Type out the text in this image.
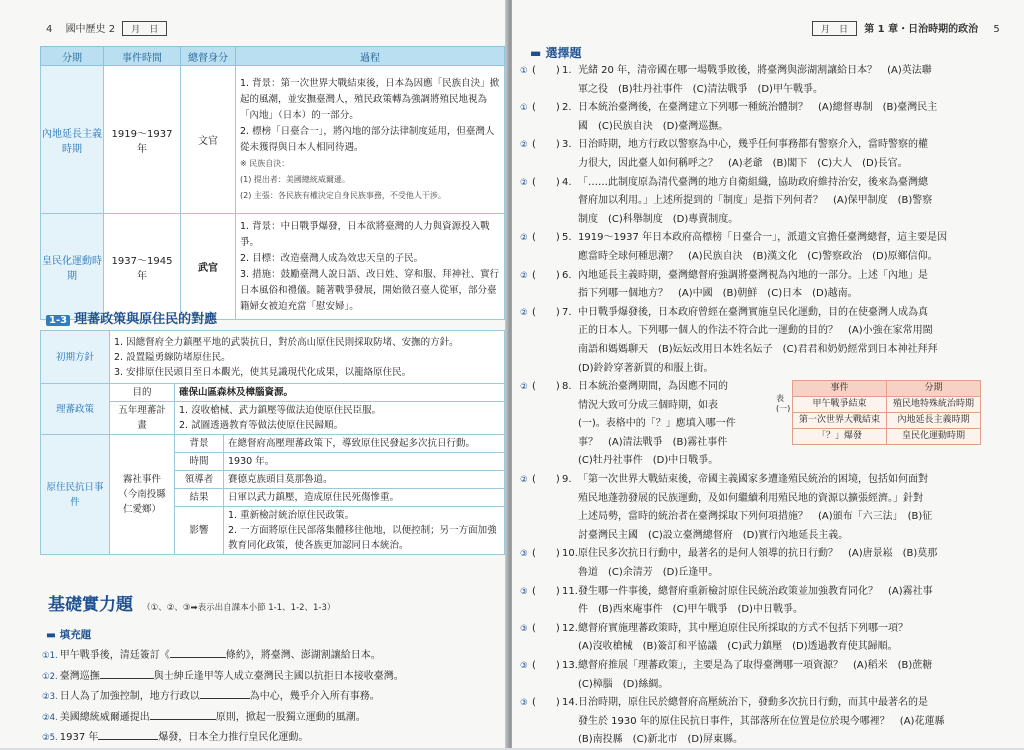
4 國中歷史 2 月　日
分期	事件時間	總督身分	過程
內地延長主義時期	1919～1937 年	文官	1. 背景：第一次世界大戰結束後，日本為因應「民族自決」掀起的風潮，並安撫臺灣人，殖民政策轉為強調將殖民地視為「內地」（日本）的一部分。
2. 標榜「日臺合一」，將內地的部分法律制度延用，但臺灣人從未獲得與日本人相同待遇。
※ 民族自決：
(1) 提出者：美國總統威爾遜。
(2) 主張：各民族有權決定自身民族事務，不受他人干涉。

皇民化運動時期	1937～1945 年	武官	1. 背景：中日戰爭爆發，日本欲將臺灣的人力與資源投入戰爭。
2. 目標：改造臺灣人成為效忠天皇的子民。
3. 措施：鼓勵臺灣人說日語、改日姓、穿和服、拜神社、實行日本風俗和禮儀。隨著戰爭發展，開始徵召臺人從軍，部分臺籍婦女被迫充當「慰安婦」。
1-3 理蕃政策與原住民的對應
初期方針	1. 因總督府全力鎮壓平地的武裝抗日，對於高山原住民則採取防堵、安撫的方針。
2. 設置隘勇線防堵原住民。
3. 安排原住民頭目至日本觀光，使其見識現代化成果，以籠絡原住民。		

理蕃政策	目的	確保山區森林及樟腦資源。	
	五年理蕃計畫	1. 沒收槍械、武力鎮壓等做法迫使原住民臣服。
2. 試圖透過教育等做法使原住民歸順。	

原住民抗日事件	霧社事件（今南投縣仁愛鄉）	背景	在總督府高壓理蕃政策下，導致原住民發起多次抗日行動。
		時間	1930 年。
		領導者	賽德克族頭目莫那魯道。
		結果	日軍以武力鎮壓，造成原住民死傷慘重。
		影響	1. 重新檢討統治原住民政策。
2. 一方面將原住民部落集體移往他地，以便控制；另一方面加強教育同化政策，使各族更加認同日本統治。
基礎實力題 （①、②、③➡表示出自課本小節 1-1、1-2、1-3）
▬ 填充題
①1. 甲午戰爭後，清廷簽訂《	條約》，將臺灣、澎湖割讓給日本。
①2. 臺灣巡撫	與士紳丘逢甲等人成立臺灣民主國以抗拒日本接收臺灣。
②3. 日人為了加強控制，地方行政以	為中心，幾乎介入所有事務。
②4. 美國總統威爾遜提出	原則，掀起一股獨立運動的風潮。
②5. 1937 年	爆發，日本全力推行皇民化運動。
月　日 第 1 章・日治時期的政治 5
▬ 選擇題
① (　　) 1. 光緒 20 年，清帝國在哪一場戰爭敗後，將臺灣與澎湖割讓給日本？　(A)英法聯
軍之役　(B)牡丹社事件　(C)清法戰爭　(D)甲午戰爭。
① (　　) 2. 日本統治臺灣後，在臺灣建立下列哪一種統治體制？　(A)總督專制　(B)臺灣民主
國　(C)民族自決　(D)臺灣巡撫。
② (　　) 3. 日治時期，地方行政以警察為中心，幾乎任何事務都有警察介入，當時警察的權
力很大，因此臺人如何稱呼之？　(A)老爺　(B)閣下　(C)大人　(D)長官。
② (　　) 4. 「……此制度原為清代臺灣的地方自衛組織，協助政府維持治安，後來為臺灣總
督府加以利用。」上述所提到的「制度」是指下列何者？　(A)保甲制度　(B)警察
制度　(C)科舉制度　(D)專賣制度。
② (　　) 5. 1919～1937 年日本政府高標榜「日臺合一」，派遣文官擔任臺灣總督，這主要是因
應當時全球何種思潮？　(A)民族自決　(B)漢文化　(C)警察政治　(D)原鄉信仰。
② (　　) 6. 內地延長主義時期，臺灣總督府強調將臺灣視為內地的一部分。上述「內地」是
指下列哪一個地方？　(A)中國　(B)朝鮮　(C)日本　(D)越南。
② (　　) 7. 中日戰爭爆發後，日本政府曾經在臺灣實施皇民化運動，目的在使臺灣人成為真
正的日本人。下列哪一個人的作法不符合此一運動的目的？　(A)小強在家常用閩
南語和媽媽聊天　(B)妘妘改用日本姓名妘子　(C)君君和奶奶經常到日本神社拜拜
(D)鈴鈴穿著新買的和服上街。
② (　　) 8. 日本統治臺灣期間，為因應不同的
情況大致可分成三個時期，如表
(一)。表格中的「？」應填入哪一件
事？　(A)清法戰爭　(B)霧社事件
(C)牡丹社事件　(D)中日戰爭。
表(一)
事件	分期
甲午戰爭結束	殖民地特殊統治時期
第一次世界大戰結束	內地延長主義時期
「？」爆發	皇民化運動時期
② (　　) 9. 「第一次世界大戰結束後，帝國主義國家多遭逢殖民統治的困境，包括如何面對
殖民地蓬勃發展的民族運動，及如何繼續利用殖民地的資源以擴張經濟。」針對
上述局勢，當時的統治者在臺灣採取下列何項措施？　(A)頒布「六三法」　(B)征
討臺灣民主國　(C)設立臺灣總督府　(D)實行內地延長主義。
③ (　　) 10. 原住民多次抗日行動中，最著名的是何人領導的抗日行動？　(A)唐景崧　(B)莫那
魯道　(C)余清芳　(D)丘逢甲。
③ (　　) 11. 發生哪一件事後，總督府重新檢討原住民統治政策並加強教育同化？　(A)霧社事
件　(B)西來庵事件　(C)甲午戰爭　(D)中日戰爭。
③ (　　) 12. 總督府實施理蕃政策時，其中壓迫原住民所採取的方式不包括下列哪一項？
(A)沒收槍械　(B)簽訂和平協議　(C)武力鎮壓　(D)透過教育使其歸順。
③ (　　) 13. 總督府推展「理蕃政策」，主要是為了取得臺灣哪一項資源？　(A)稻米　(B)蔗糖
(C)樟腦　(D)絲綢。
③ (　　) 14. 日治時期，原住民於總督府高壓統治下，發動多次抗日行動，而其中最著名的是
發生於 1930 年的原住民抗日事件，其部落所在位置是位於現今哪裡？　(A)花蓮縣
(B)南投縣　(C)新北市　(D)屏東縣。
